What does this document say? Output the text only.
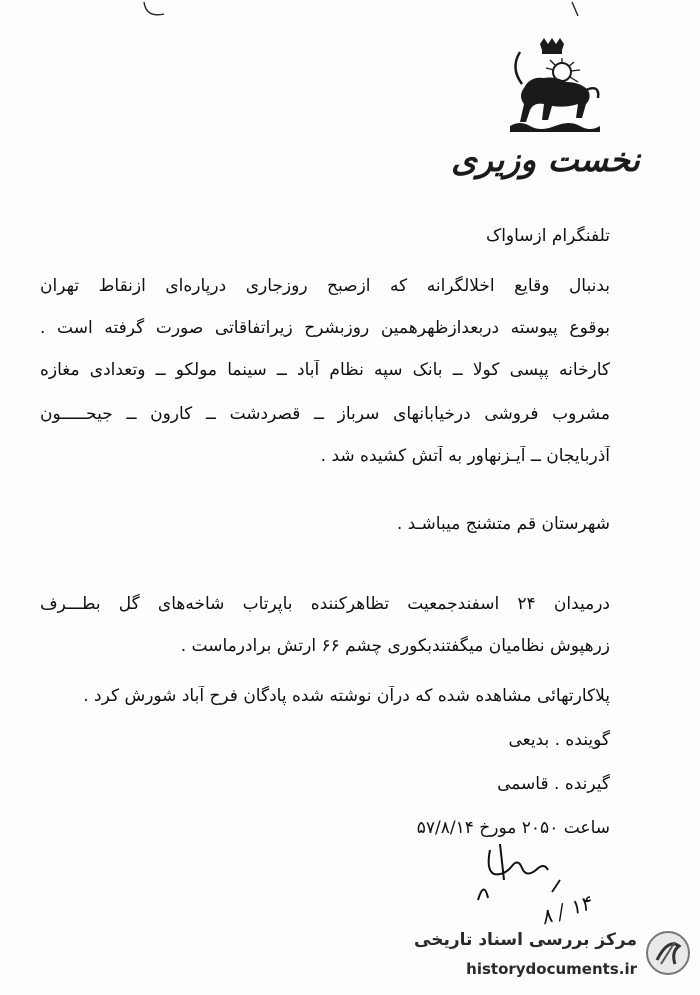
نخست وزیری
تلفنگرام ازساواک
بدنبال وقایع اخلالگرانه که ازصبح روزجاری درپاره‌ای ازنقاط تهران
بوقوع پیوسته دربعدازظهرهمین روزبشرح زیراتفاقاتی صورت گرفته است .
کارخانه پپسی کولا ــ بانک سپه نظام آباد ــ سینما مولکو ــ وتعدادی مغازه
مشروب فروشی درخیابانهای سرباز ــ قصردشت ــ کارون ــ جیحـــــون
آذربایجان ــ آیـزنهاور به آتش کشیده شد .
شهرستان قم متشنج میباشـد .
درمیدان ۲۴ اسفندجمعیت تظاهرکننده باپرتاب شاخه‌های گل بطـــرف
زرهپوش نظامیان میگفتندبکوری چشم ۶۶ ارتش برادرماست .
پلاکارتهائی مشاهده شده که درآن نوشته شده پادگان فرح آباد شورش کرد .
گوینده . بدیعی
گیرنده . قاسمی
ساعت ۲۰۵۰ مورخ ۵۷/۸/۱۴
۱۴ / ۸
مرکز بررسی اسناد تاریخی
historydocuments.ir
